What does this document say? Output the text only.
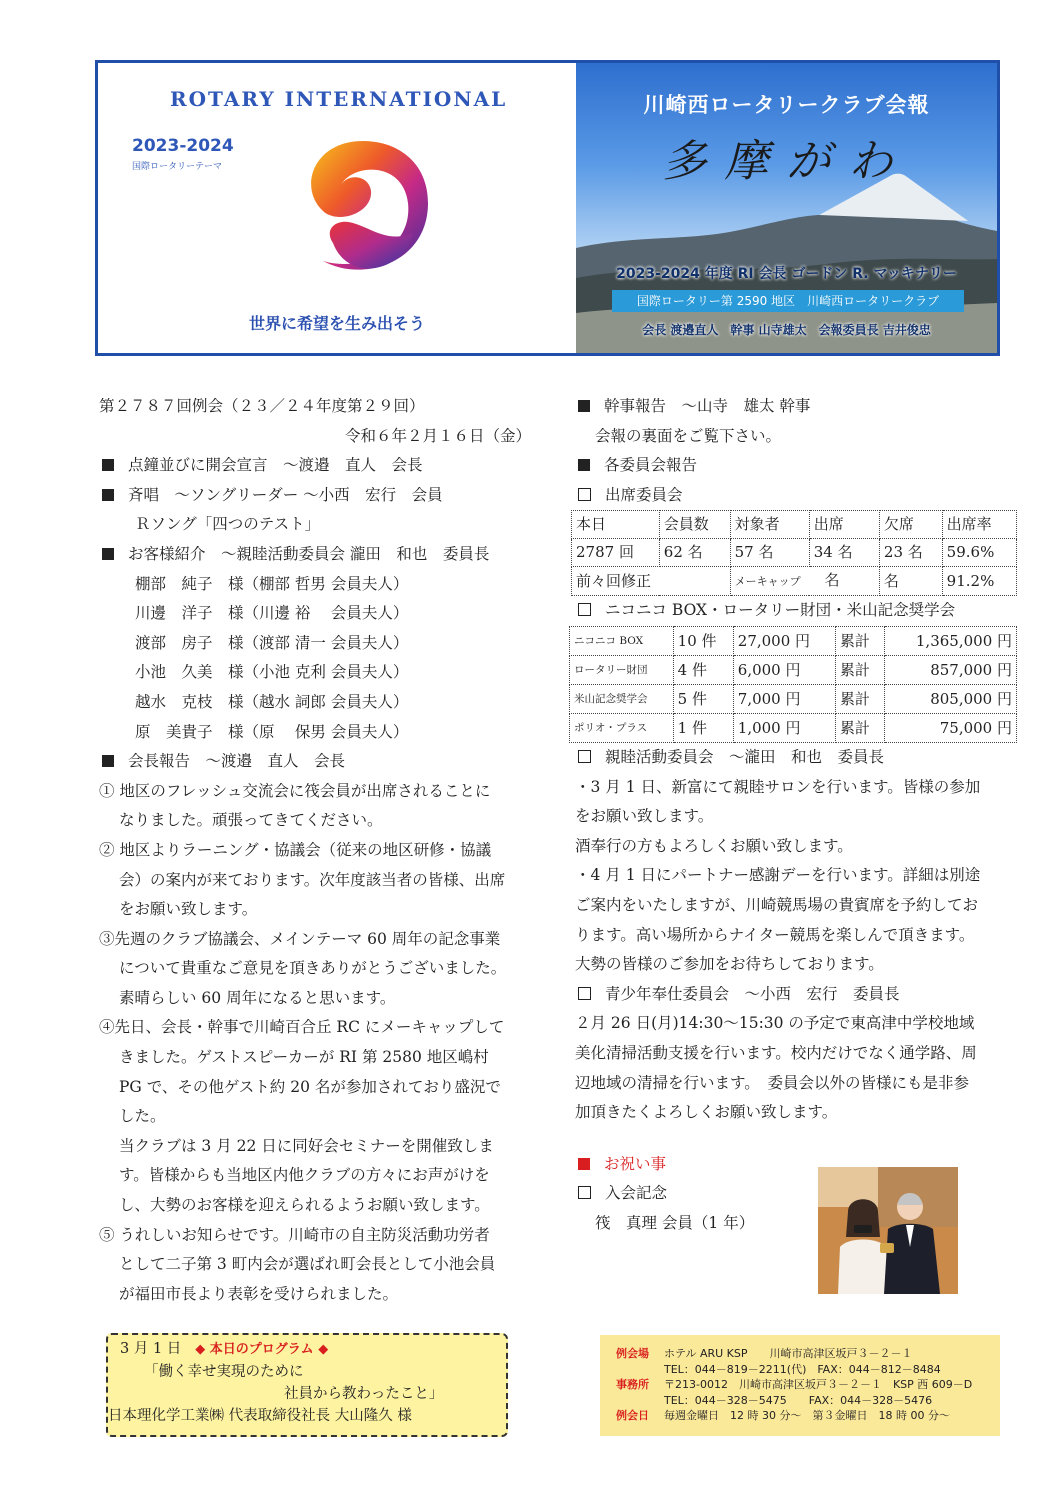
ROTARY INTERNATIONAL
2023-2024
国際ロータリーテーマ
世界に希望を生み出そう
川崎西ロータリークラブ会報
多摩がわ
2023-2024 年度 RI 会長 ゴードン R. マッキナリー
国際ロータリー第 2590 地区　川崎西ロータリークラブ
会長 渡邉直人　幹事 山寺雄太　会報委員長 吉井俊忠
第２７８７回例会（２３／２４年度第２９回）
令和６年２月１６日（金）
点鐘並びに開会宣言　～渡邉　直人　会長
斉唱　～ソングリーダー ～小西　宏行　会員
Ｒソング「四つのテスト」
お客様紹介　～親睦活動委員会 瀧田　和也　委員長
棚部　純子　様（棚部 哲男 会員夫人）
川邊　洋子　様（川邊 裕　 会員夫人）
渡部　房子　様（渡部 清一 会員夫人）
小池　久美　様（小池 克利 会員夫人）
越水　克枝　様（越水 詞郎 会員夫人）
原　美貴子　様（原　 保男 会員夫人）
会長報告　～渡邉　直人　会長
① 地区のフレッシュ交流会に筏会員が出席されることに
なりました。頑張ってきてください。
② 地区よりラーニング・協議会（従来の地区研修・協議
会）の案内が来ております。次年度該当者の皆様、出席
をお願い致します。
③先週のクラブ協議会、メインテーマ 60 周年の記念事業
について貴重なご意見を頂きありがとうございました。
素晴らしい 60 周年になると思います。
④先日、会長・幹事で川崎百合丘 RC にメーキャップして
きました。ゲストスピーカーが RI 第 2580 地区嶋村
PG で、その他ゲスト約 20 名が参加されており盛況で
した。
当クラブは 3 月 22 日に同好会セミナーを開催致しま
す。皆様からも当地区内他クラブの方々にお声がけを
し、大勢のお客様を迎えられるようお願い致します。
⑤ うれしいお知らせです。川崎市の自主防災活動功労者
として二子第 3 町内会が選ばれ町会長として小池会員
が福田市長より表彰を受けられました。
幹事報告　～山寺　雄太 幹事
会報の裏面をご覧下さい。
各委員会報告
出席委員会
本日	会員数	対象者	出席	欠席	出席率
2787 回	62 名	57 名	34 名	23 名	59.6%
前々回修正		メーキャップ 名		名	91.2%
ニコニコ BOX・ロータリー財団・米山記念奨学会
ニコニコ BOX	10 件	27,000 円	累計	1,365,000 円
ロータリー財団	4 件	6,000 円	累計	857,000 円
米山記念奨学会	5 件	7,000 円	累計	805,000 円
ポリオ・プラス	1 件	1,000 円	累計	75,000 円
親睦活動委員会　～瀧田　和也　委員長
・3 月 1 日、新富にて親睦サロンを行います。皆様の参加
をお願い致します。
酒奉行の方もよろしくお願い致します。
・4 月 1 日にパートナー感謝デーを行います。詳細は別途
ご案内をいたしますが、川崎競馬場の貴賓席を予約してお
ります。高い場所からナイター競馬を楽しんで頂きます。
大勢の皆様のご参加をお待ちしております。
青少年奉仕委員会　～小西　宏行　委員長
２月 26 日(月)14:30～15:30 の予定で東高津中学校地域
美化清掃活動支援を行います。校内だけでなく通学路、周
辺地域の清掃を行います。　委員会以外の皆様にも是非参
加頂きたくよろしくお願い致します。
お祝い事
入会記念
筏　真理 会員（1 年）
3 月 1 日 ◆ 本日のプログラム ◆
「働く幸せ実現のために
社員から教わったこと」
日本理化学工業㈱ 代表取締役社長 大山隆久 様
例会場 ホテル ARU KSP　　川崎市高津区坂戸３－２－１
TEL：044－819－2211(代)　FAX：044－812－8484
事務所 〒213-0012　川崎市高津区坂戸３－２－１　KSP 西 609－D
TEL：044－328－5475　　FAX：044－328－5476
例会日 毎週金曜日　12 時 30 分～　第３金曜日　18 時 00 分～
